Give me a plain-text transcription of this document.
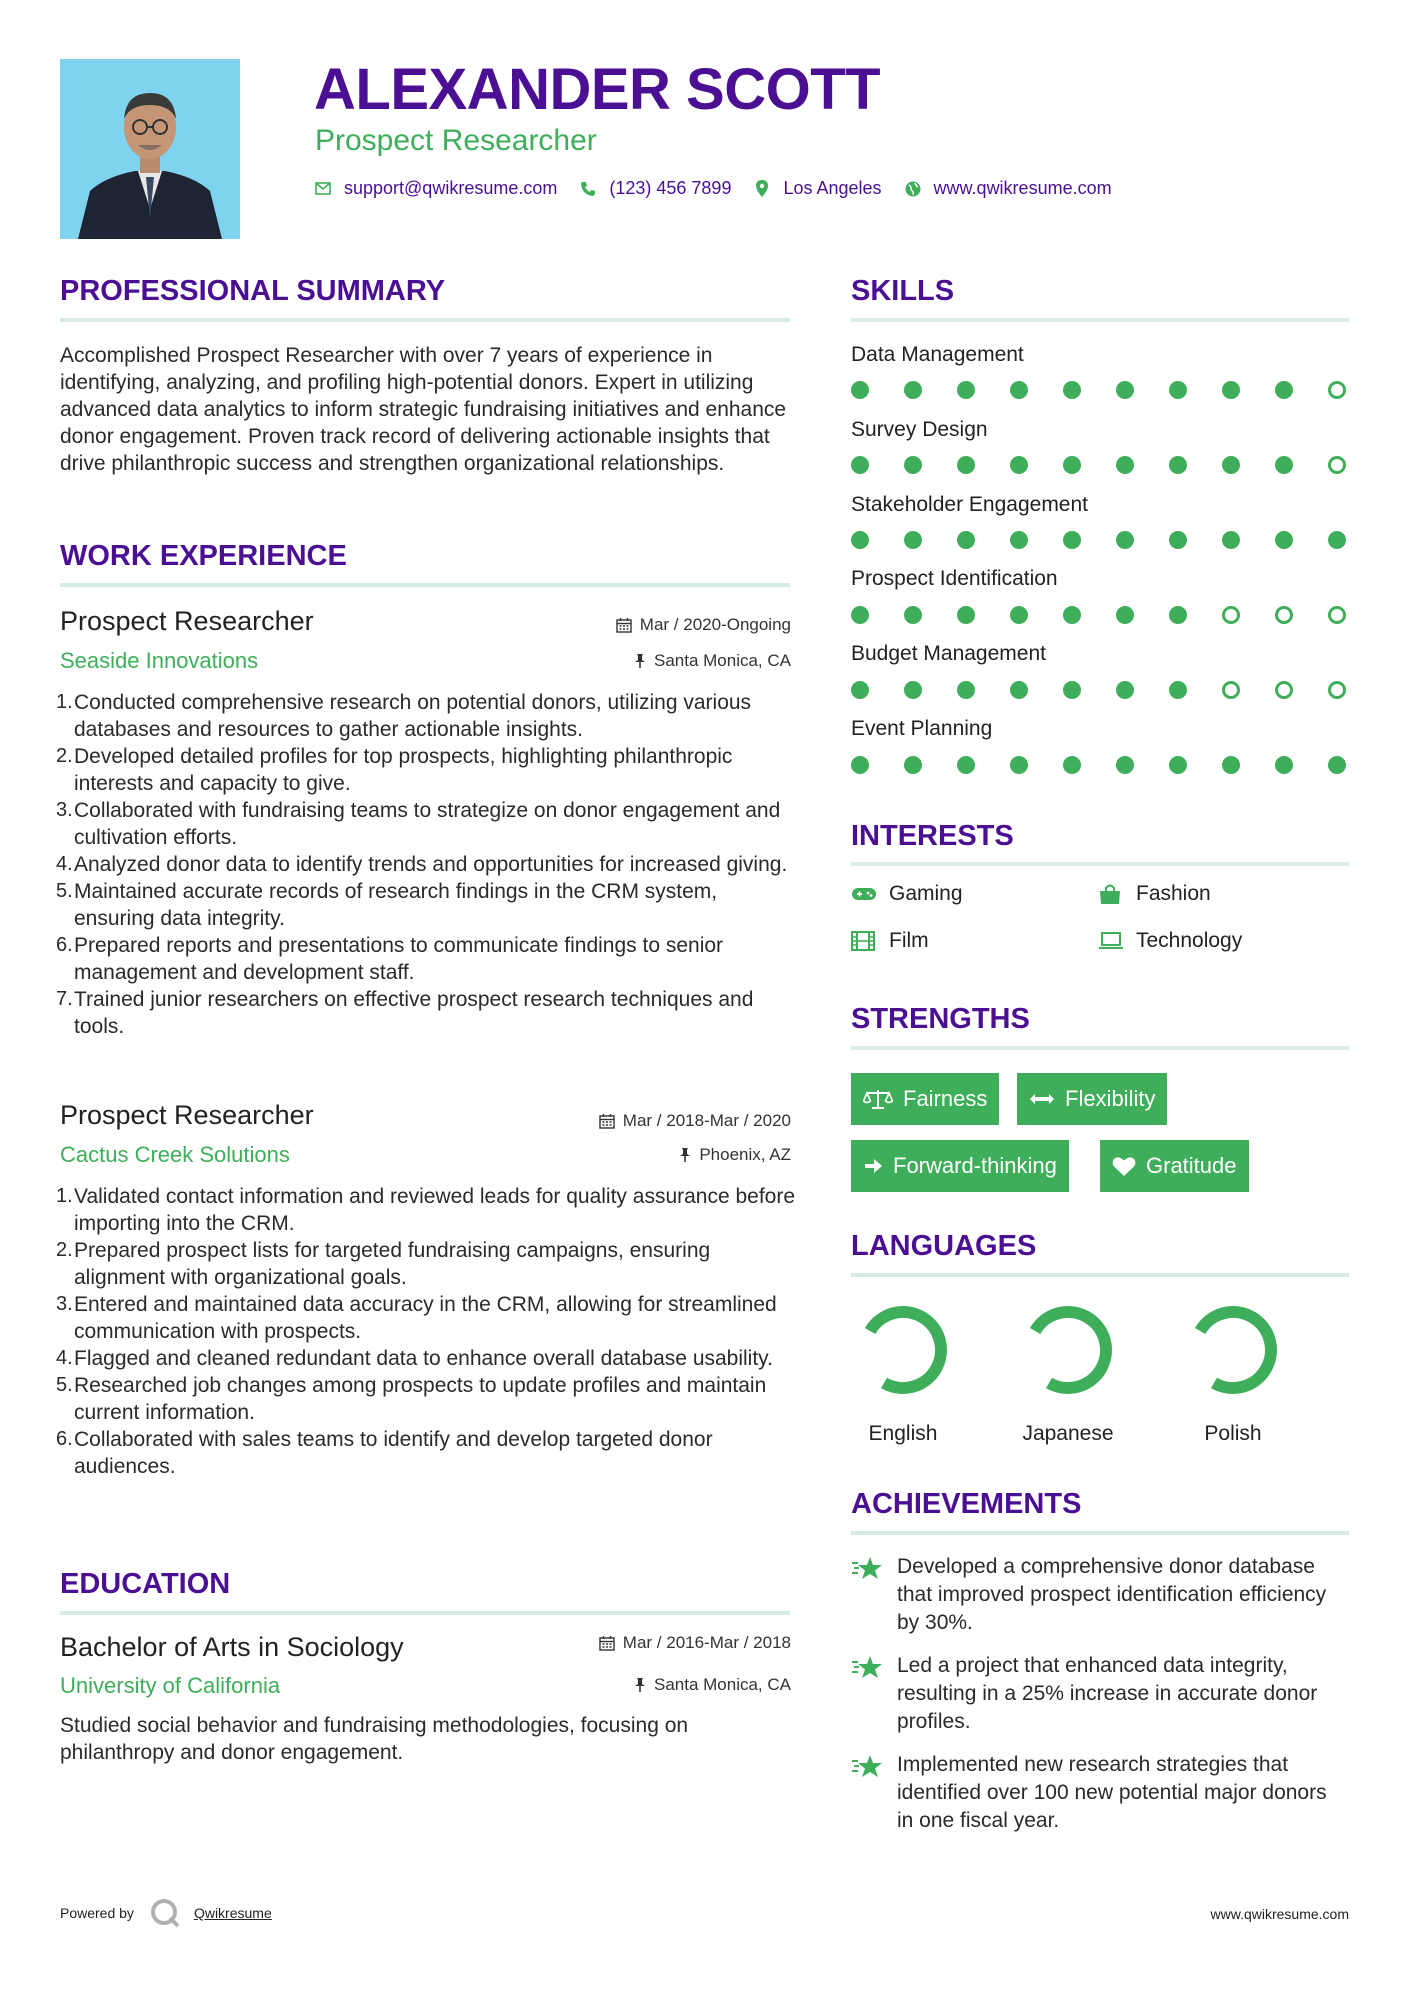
ALEXANDER SCOTT
Prospect Researcher
support@qwikresume.com	(123) 456 7899	Los Angeles	www.qwikresume.com
PROFESSIONAL SUMMARY
Accomplished Prospect Researcher with over 7 years of experience in identifying, analyzing, and profiling high-potential donors. Expert in utilizing advanced data analytics to inform strategic fundraising initiatives and enhance donor engagement. Proven track record of delivering actionable insights that drive philanthropic success and strengthen organizational relationships.
WORK EXPERIENCE
Prospect Researcher	Mar / 2020-Ongoing
Seaside Innovations	Santa Monica, CA
1. Conducted comprehensive research on potential donors, utilizing various databases and resources to gather actionable insights.
2. Developed detailed profiles for top prospects, highlighting philanthropic interests and capacity to give.
3. Collaborated with fundraising teams to strategize on donor engagement and cultivation efforts.
4. Analyzed donor data to identify trends and opportunities for increased giving.
5. Maintained accurate records of research findings in the CRM system, ensuring data integrity.
6. Prepared reports and presentations to communicate findings to senior management and development staff.
7. Trained junior researchers on effective prospect research techniques and tools.
Prospect Researcher	Mar / 2018-Mar / 2020
Cactus Creek Solutions	Phoenix, AZ
1. Validated contact information and reviewed leads for quality assurance before importing into the CRM.
2. Prepared prospect lists for targeted fundraising campaigns, ensuring alignment with organizational goals.
3. Entered and maintained data accuracy in the CRM, allowing for streamlined communication with prospects.
4. Flagged and cleaned redundant data to enhance overall database usability.
5. Researched job changes among prospects to update profiles and maintain current information.
6. Collaborated with sales teams to identify and develop targeted donor audiences.
EDUCATION
Bachelor of Arts in Sociology	Mar / 2016-Mar / 2018
University of California	Santa Monica, CA
Studied social behavior and fundraising methodologies, focusing on philanthropy and donor engagement.
SKILLS
Data Management
Survey Design
Stakeholder Engagement
Prospect Identification
Budget Management
Event Planning
INTERESTS
Gaming	Fashion
Film	Technology
STRENGTHS
Fairness	Flexibility
Forward-thinking	Gratitude
LANGUAGES
English	Japanese	Polish
ACHIEVEMENTS
Developed a comprehensive donor database that improved prospect identification efficiency by 30%.
Led a project that enhanced data integrity, resulting in a 25% increase in accurate donor profiles.
Implemented new research strategies that identified over 100 new potential major donors in one fiscal year.
Powered by	Qwikresume	www.qwikresume.com
